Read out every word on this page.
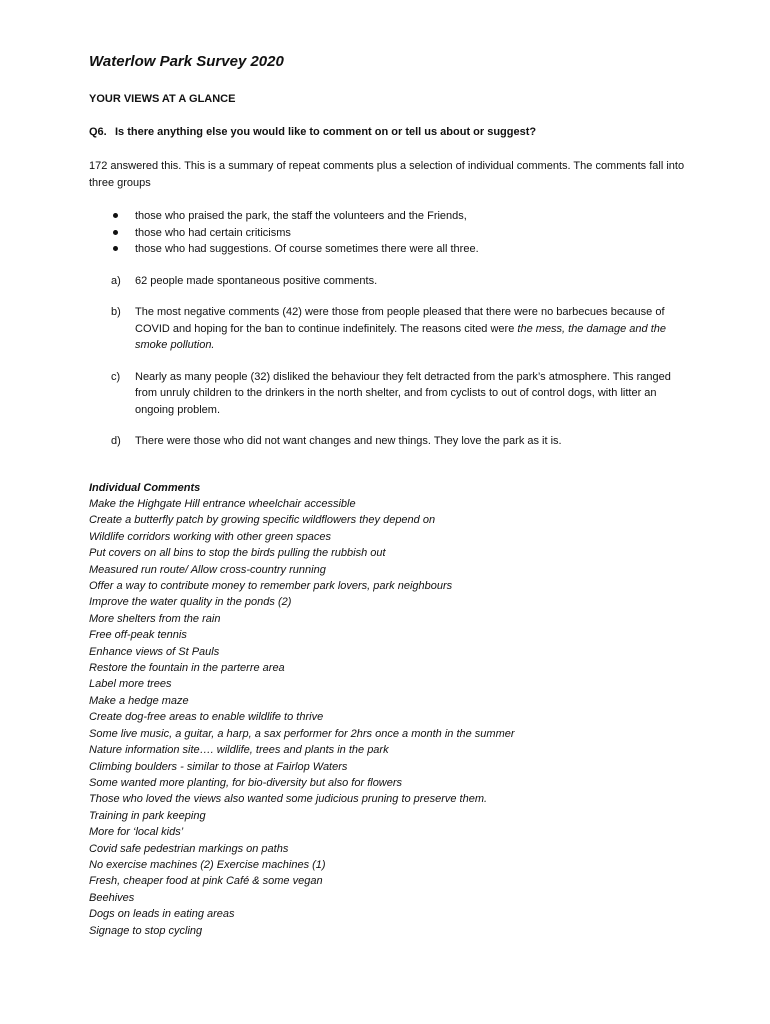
Waterlow Park Survey 2020
YOUR VIEWS AT A GLANCE
Q6. Is there anything else you would like to comment on or tell us about or suggest?

172 answered this. This is a summary of repeat comments plus a selection of individual comments. The comments fall into three groups

those who praised the park, the staff the volunteers and the Friends,
those who had certain criticisms
those who had suggestions. Of course sometimes there were all three.
a) 62 people made spontaneous positive comments.
b) The most negative comments (42) were those from people pleased that there were no barbecues because of COVID and hoping for the ban to continue indefinitely. The reasons cited were the mess, the damage and the smoke pollution.
c) Nearly as many people (32) disliked the behaviour they felt detracted from the park’s atmosphere. This ranged from unruly children to the drinkers in the north shelter, and from cyclists to out of control dogs, with litter an ongoing problem.
d) There were those who did not want changes and new things. They love the park as it is.
Individual Comments
Make the Highgate Hill entrance wheelchair accessible
Create a butterfly patch by growing specific wildflowers they depend on
Wildlife corridors working with other green spaces
Put covers on all bins to stop the birds pulling the rubbish out
Measured run route/ Allow cross-country running
Offer a way to contribute money to remember park lovers, park neighbours
Improve the water quality in the ponds (2)
More shelters from the rain
Free off-peak tennis
Enhance views of St Pauls
Restore the fountain in the parterre area
Label more trees
Make a hedge maze
Create dog-free areas to enable wildlife to thrive
Some live music, a guitar, a harp, a sax performer for 2hrs once a month in the summer
Nature information site…. wildlife, trees and plants in the park
Climbing boulders - similar to those at Fairlop Waters
Some wanted more planting, for bio-diversity but also for flowers
Those who loved the views also wanted some judicious pruning to preserve them.
Training in park keeping
More for ‘local kids’
Covid safe pedestrian markings on paths
No exercise machines (2) Exercise machines (1)
Fresh, cheaper food at pink Café & some vegan
Beehives
Dogs on leads in eating areas
Signage to stop cycling
